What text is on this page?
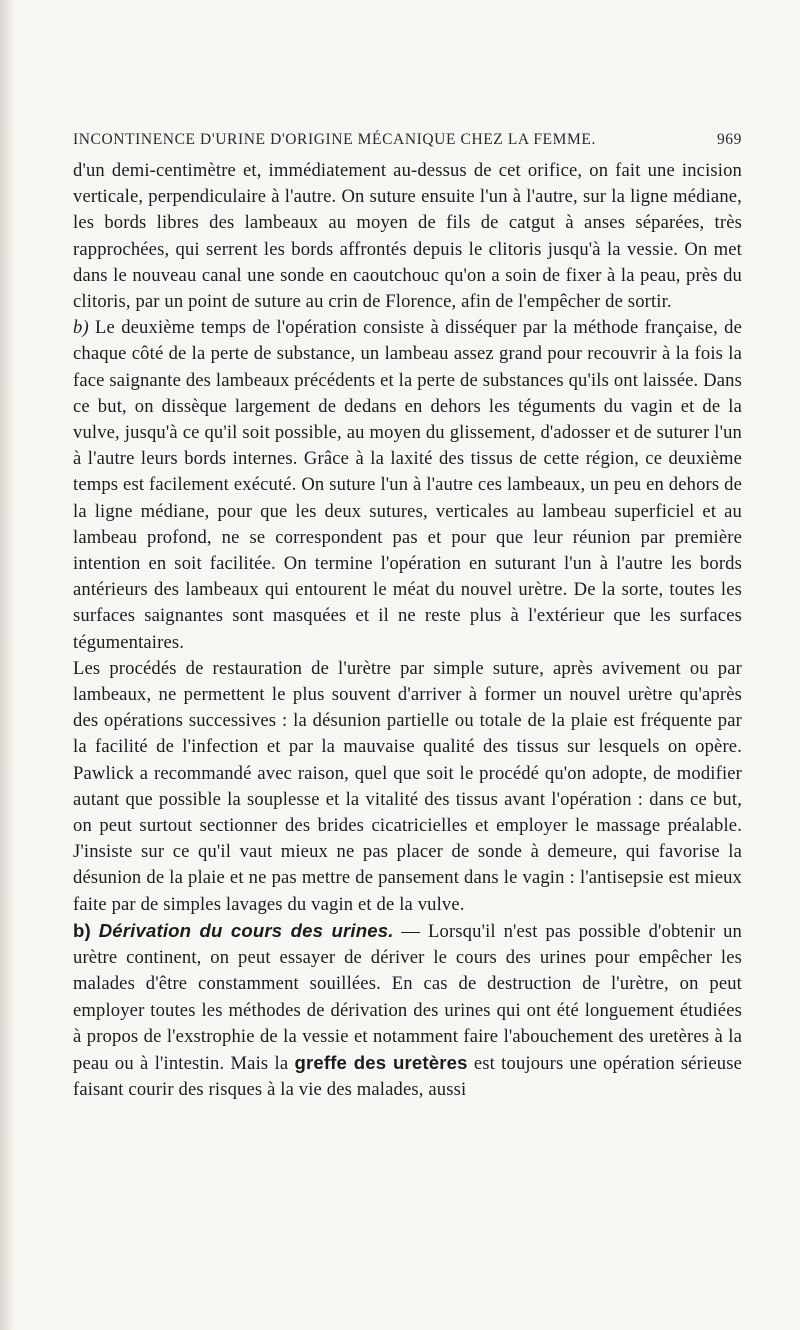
INCONTINENCE D'URINE D'ORIGINE MÉCANIQUE CHEZ LA FEMME.	969

d'un demi-centimètre et, immédiatement au-dessus de cet orifice, on fait une incision verticale, perpendiculaire à l'autre. On suture ensuite l'un à l'autre, sur la ligne médiane, les bords libres des lambeaux au moyen de fils de catgut à anses séparées, très rapprochées, qui serrent les bords affrontés depuis le clitoris jusqu'à la vessie. On met dans le nouveau canal une sonde en caoutchouc qu'on a soin de fixer à la peau, près du clitoris, par un point de suture au crin de Florence, afin de l'empêcher de sortir.

b) Le deuxième temps de l'opération consiste à disséquer par la méthode française, de chaque côté de la perte de substance, un lambeau assez grand pour recouvrir à la fois la face saignante des lambeaux précédents et la perte de substances qu'ils ont laissée. Dans ce but, on dissèque largement de dedans en dehors les téguments du vagin et de la vulve, jusqu'à ce qu'il soit possible, au moyen du glissement, d'adosser et de suturer l'un à l'autre leurs bords internes. Grâce à la laxité des tissus de cette région, ce deuxième temps est facilement exécuté. On suture l'un à l'autre ces lambeaux, un peu en dehors de la ligne médiane, pour que les deux sutures, verticales au lambeau superficiel et au lambeau profond, ne se correspondent pas et pour que leur réunion par première intention en soit facilitée. On termine l'opération en suturant l'un à l'autre les bords antérieurs des lambeaux qui entourent le méat du nouvel urètre. De la sorte, toutes les surfaces saignantes sont masquées et il ne reste plus à l'extérieur que les surfaces tégumentaires.

Les procédés de restauration de l'urètre par simple suture, après avivement ou par lambeaux, ne permettent le plus souvent d'arriver à former un nouvel urètre qu'après des opérations successives : la désunion partielle ou totale de la plaie est fréquente par la facilité de l'infection et par la mauvaise qualité des tissus sur lesquels on opère. Pawlick a recommandé avec raison, quel que soit le procédé qu'on adopte, de modifier autant que possible la souplesse et la vitalité des tissus avant l'opération : dans ce but, on peut surtout sectionner des brides cicatricielles et employer le massage préalable. J'insiste sur ce qu'il vaut mieux ne pas placer de sonde à demeure, qui favorise la désunion de la plaie et ne pas mettre de pansement dans le vagin : l'antisepsie est mieux faite par de simples lavages du vagin et de la vulve.

b) Dérivation du cours des urines. — Lorsqu'il n'est pas possible d'obtenir un urètre continent, on peut essayer de dériver le cours des urines pour empêcher les malades d'être constamment souillées. En cas de destruction de l'urètre, on peut employer toutes les méthodes de dérivation des urines qui ont été longuement étudiées à propos de l'exstrophie de la vessie et notamment faire l'abouchement des uretères à la peau ou à l'intestin. Mais la greffe des uretères est toujours une opération sérieuse faisant courir des risques à la vie des malades, aussi
